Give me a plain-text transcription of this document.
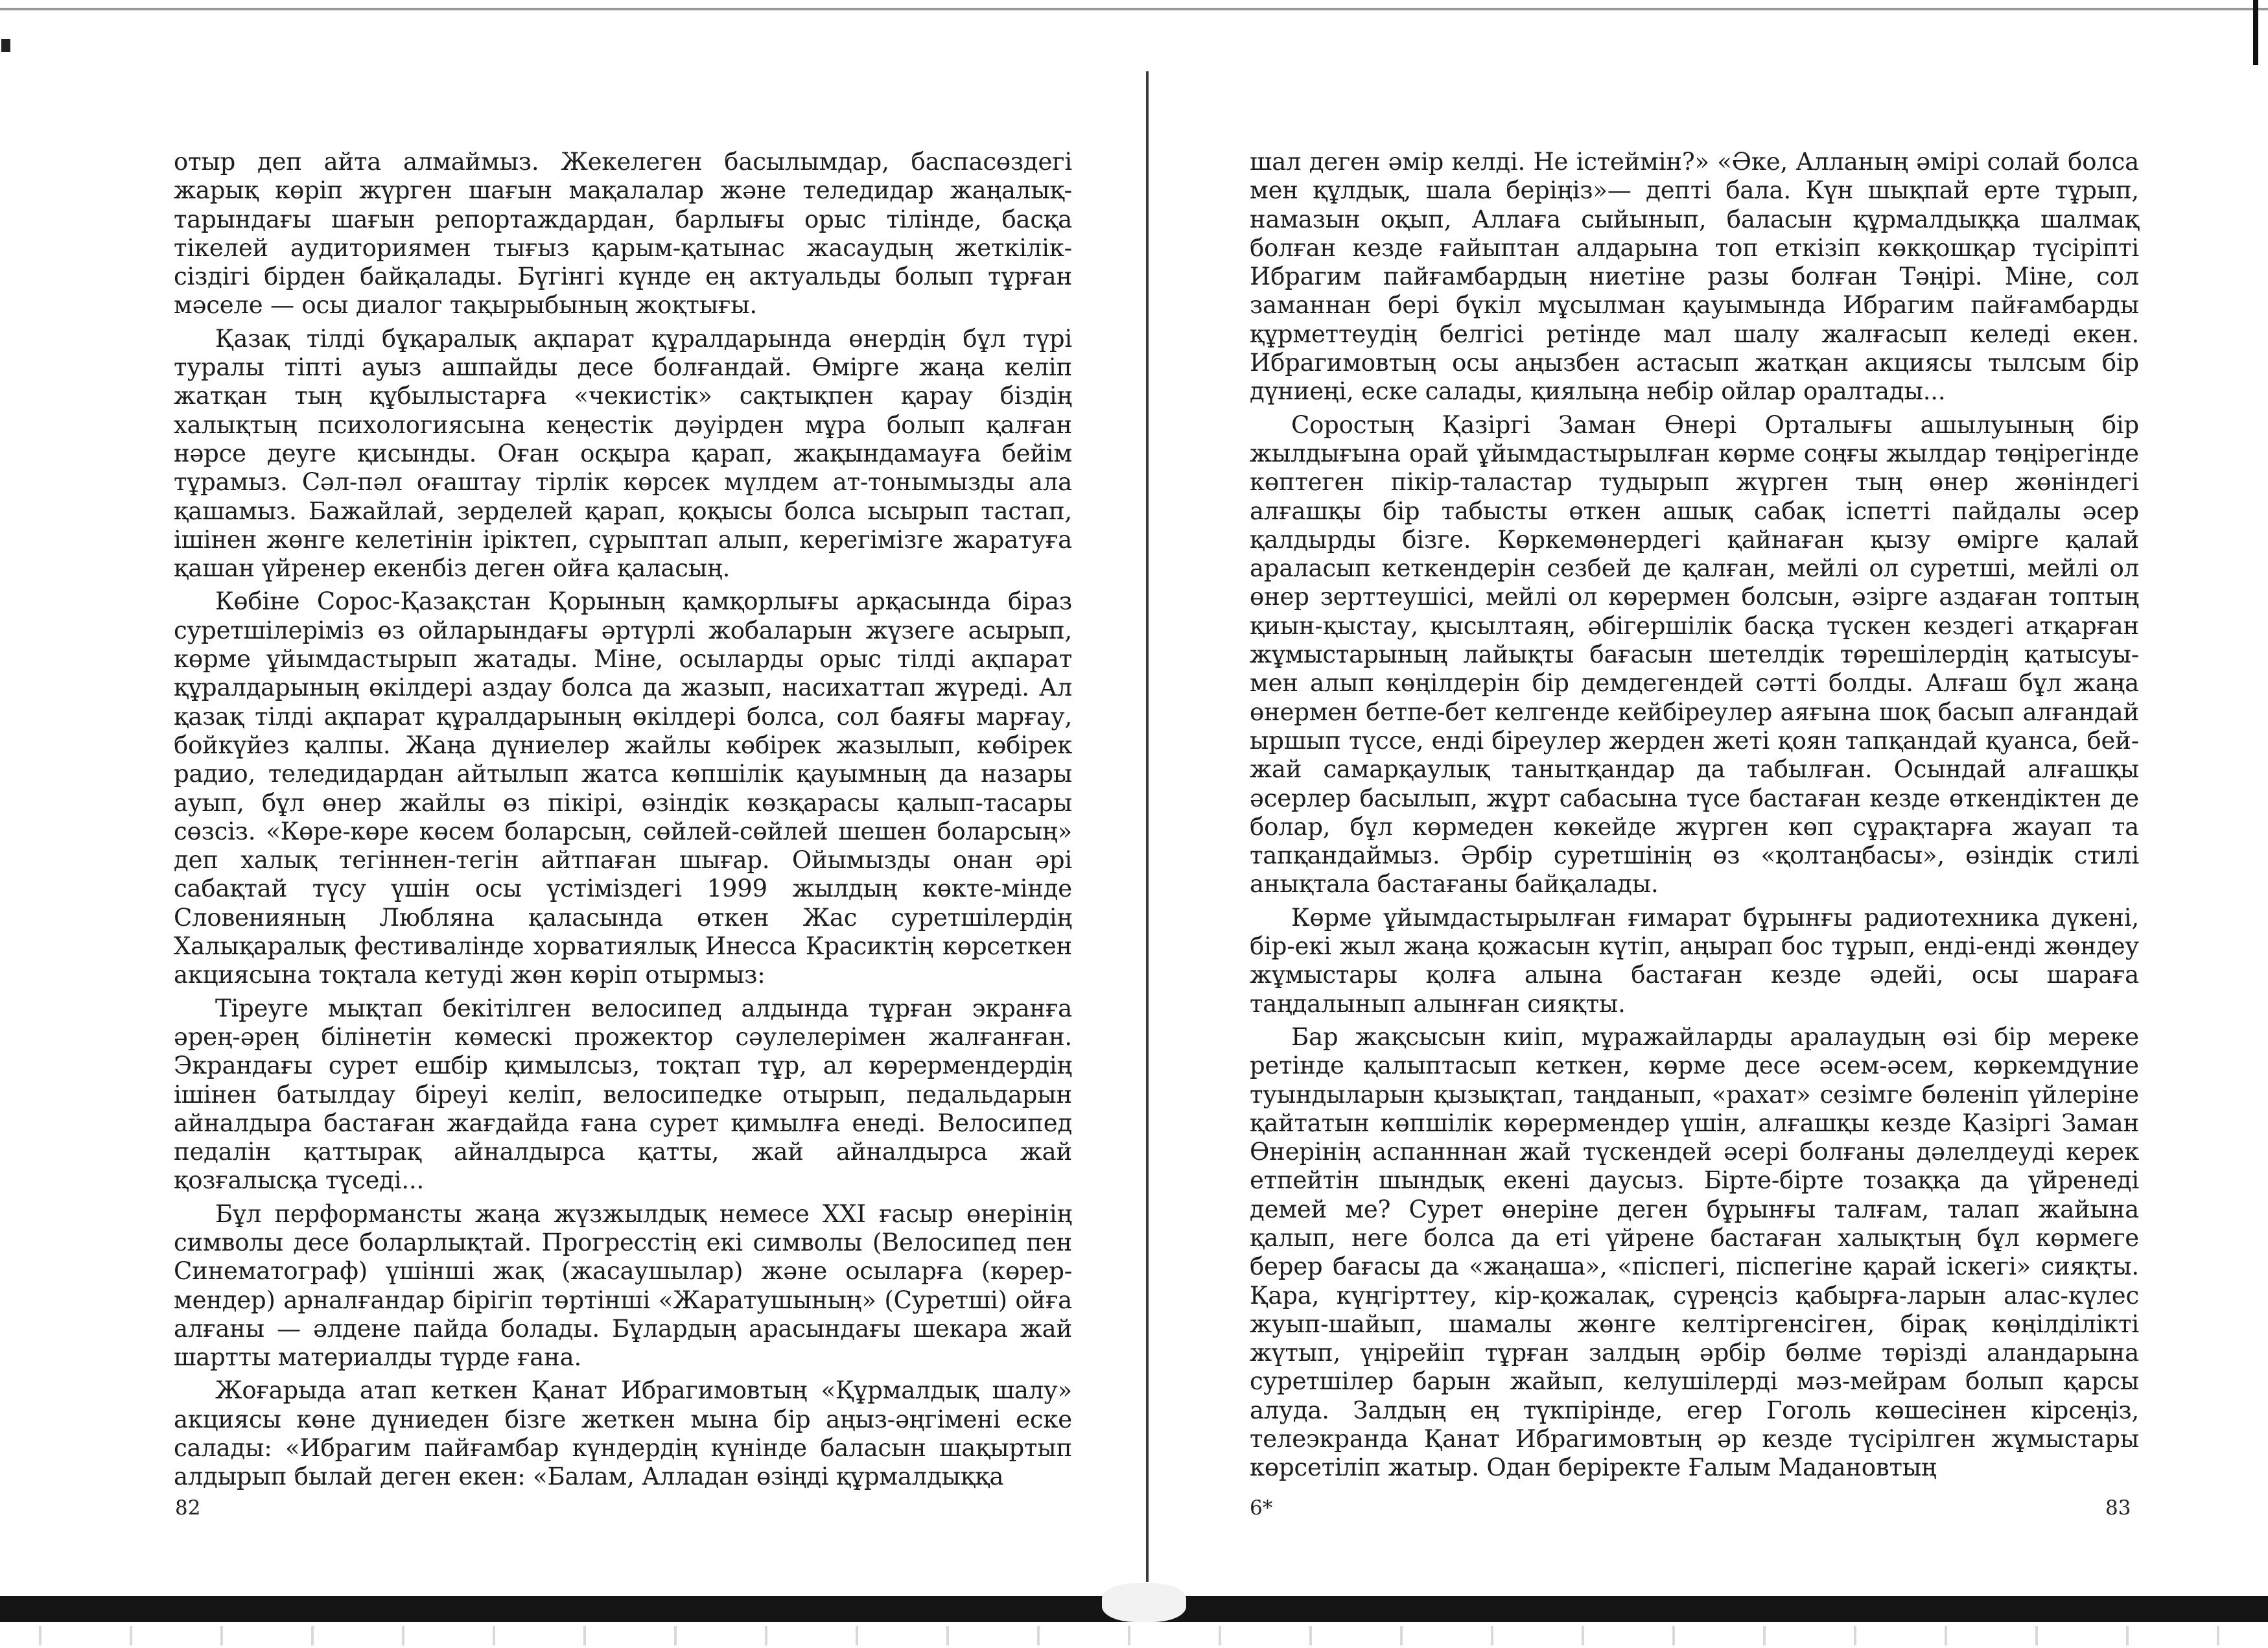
отыр деп айта алмаймыз. Жекелеген басылымдар, баспасөздегі жарық көріп жүрген шағын мақалалар және теледидар жаңалық-тарындағы шағын репортаждардан, барлығы орыс тілінде, басқа тікелей аудиториямен тығыз қарым-қатынас жасаудың жеткілік-сіздігі бірден байқалады. Бүгінгі күнде ең актуальды болып тұрған мәселе — осы диалог тақырыбының жоқтығы.

Қазақ тілді бұқаралық ақпарат құралдарында өнердің бұл түрі туралы тіпті ауыз ашпайды десе болғандай. Өмірге жаңа келіп жатқан тың құбылыстарға «чекистік» сақтықпен қарау біздің халықтың психологиясына кеңестік дәуірден мұра болып қалған нәрсе деуге қисынды. Оған осқыра қарап, жақындамауға бейім тұрамыз. Сәл-пәл оғаштау тірлік көрсек мүлдем ат-тонымызды ала қашамыз. Бажайлай, зерделей қарап, қоқысы болса ысырып тастап, ішінен жөнге келетінін іріктеп, сұрыптап алып, керегімізге жаратуға қашан үйренер екенбіз деген ойға қаласың.

Көбіне Сорос-Қазақстан Қорының қамқорлығы арқасында біраз суретшілеріміз өз ойларындағы әртүрлі жобаларын жүзеге асырып, көрме ұйымдастырып жатады. Міне, осыларды орыс тілді ақпарат құралдарының өкілдері аздау болса да жазып, насихаттап жүреді. Ал қазақ тілді ақпарат құралдарының өкілдері болса, сол баяғы марғау, бойкүйез қалпы. Жаңа дүниелер жайлы көбірек жазылып, көбірек радио, теледидардан айтылып жатса көпшілік қауымның да назары ауып, бұл өнер жайлы өз пікірі, өзіндік көзқарасы қалып-тасары сөзсіз. «Көре-көре көсем боларсың, сөйлей-сөйлей шешен боларсың» деп халық тегіннен-тегін айтпаған шығар. Ойымызды онан әрі сабақтай түсу үшін осы үстіміздегі 1999 жылдың көкте-мінде Словенияның Любляна қаласында өткен Жас суретшілердің Халықаралық фестивалінде хорватиялық Инесса Красиктің көрсеткен акциясына тоқтала кетуді жөн көріп отырмыз:

Тіреуге мықтап бекітілген велосипед алдында тұрған экранға әрең-әрең білінетін көмескі прожектор сәулелерімен жалғанған. Экрандағы сурет ешбір қимылсыз, тоқтап тұр, ал көрермендердің ішінен батылдау біреуі келіп, велосипедке отырып, педальдарын айналдыра бастаған жағдайда ғана сурет қимылға енеді. Велосипед педалін қаттырақ айналдырса қатты, жай айналдырса жай қозғалысқа түседі...

Бұл перформансты жаңа жүзжылдық немесе XXI ғасыр өнерінің символы десе боларлықтай. Прогресстің екі символы (Велосипед пен Синематограф) үшінші жақ (жасаушылар) және осыларға (көрер-мендер) арналғандар бірігіп төртінші «Жаратушының» (Суретші) ойға алғаны — әлдене пайда болады. Бұлардың арасындағы шекара жай шартты материалды түрде ғана.

Жоғарыда атап кеткен Қанат Ибрагимовтың «Құрмалдық шалу» акциясы көне дүниеден бізге жеткен мына бір аңыз-әңгімені еске салады: «Ибрагим пайғамбар күндердің күнінде баласын шақыртып алдырып былай деген екен: «Балам, Алладан өзіңді құрмалдыққа

шал деген әмір келді. Не істеймін?» «Әке, Алланың әмірі солай болса мен құлдық, шала беріңіз»— депті бала. Күн шықпай ерте тұрып, намазын оқып, Аллаға сыйынып, баласын құрмалдыққа шалмақ болған кезде ғайыптан алдарына топ еткізіп көкқошқар түсіріпті Ибрагим пайғамбардың ниетіне разы болған Тәңірі. Міне, сол заманнан бері бүкіл мұсылман қауымында Ибрагим пайғамбарды құрметтеудің белгісі ретінде мал шалу жалғасып келеді екен. Ибрагимовтың осы аңызбен астасып жатқан акциясы тылсым бір дүниеңі, еске салады, қиялыңа небір ойлар оралтады...

Соростың Қазіргі Заман Өнері Орталығы ашылуының бір жылдығына орай ұйымдастырылған көрме соңғы жылдар төңірегінде көптеген пікір-таластар тудырып жүрген тың өнер жөніндегі алғашқы бір табысты өткен ашық сабақ іспетті пайдалы әсер қалдырды бізге. Көркемөнердегі қайнаған қызу өмірге қалай араласып кеткендерін сезбей де қалған, мейлі ол суретші, мейлі ол өнер зерттеушісі, мейлі ол көрермен болсын, әзірге аздаған топтың қиын-қыстау, қысылтаяң, әбігершілік басқа түскен кездегі атқарған жұмыстарының лайықты бағасын шетелдік төрешілердің қатысуы-мен алып көңілдерін бір демдегендей сәтті болды. Алғаш бұл жаңа өнермен бетпе-бет келгенде кейбіреулер аяғына шоқ басып алғандай ыршып түссе, енді біреулер жерден жеті қоян тапқандай қуанса, бей-жай самарқаулық танытқандар да табылған. Осындай алғашқы әсерлер басылып, жұрт сабасына түсе бастаған кезде өткендіктен де болар, бұл көрмеден көкейде жүрген көп сұрақтарға жауап та тапқандаймыз. Әрбір суретшінің өз «қолтаңбасы», өзіндік стилі анықтала бастағаны байқалады.

Көрме ұйымдастырылған ғимарат бұрынғы радиотехника дүкені, бір-екі жыл жаңа қожасын күтіп, аңырап бос тұрып, енді-енді жөндеу жұмыстары қолға алына бастаған кезде әдейі, осы шараға таңдалынып алынған сияқты.

Бар жақсысын киіп, мұражайларды аралаудың өзі бір мереке ретінде қалыптасып кеткен, көрме десе әсем-әсем, көркемдүние туындыларын қызықтап, таңданып, «рахат» сезімге бөленіп үйлеріне қайтатын көпшілік көрермендер үшін, алғашқы кезде Қазіргі Заман Өнерінің аспанннан жай түскендей әсері болғаны дәлелдеуді керек етпейтін шындық екені даусыз. Бірте-бірте тозаққа да үйренеді демей ме? Сурет өнеріне деген бұрынғы талғам, талап жайына қалып, неге болса да еті үйрене бастаған халықтың бұл көрмеге берер бағасы да «жаңаша», «піспегі, піспегіне қарай іскегі» сияқты. Қара, күңгірттеу, кір-қожалақ, сүреңсіз қабырға-ларын алас-күлес жуып-шайып, шамалы жөнге келтіргенсіген, бірақ көңілділікті жүтып, үңірейіп тұрған залдың әрбір бөлме төрізді аландарына суретшілер барын жайып, келушілерді мәз-мейрам болып қарсы алуда. Залдың ең түкпірінде, егер Гоголь көшесінен кірсеңіз, телеэкранда Қанат Ибрагимовтың әр кезде түсірілген жұмыстары көрсетіліп жатыр. Одан беріректе Ғалым Мадановтың

82	6*	83
